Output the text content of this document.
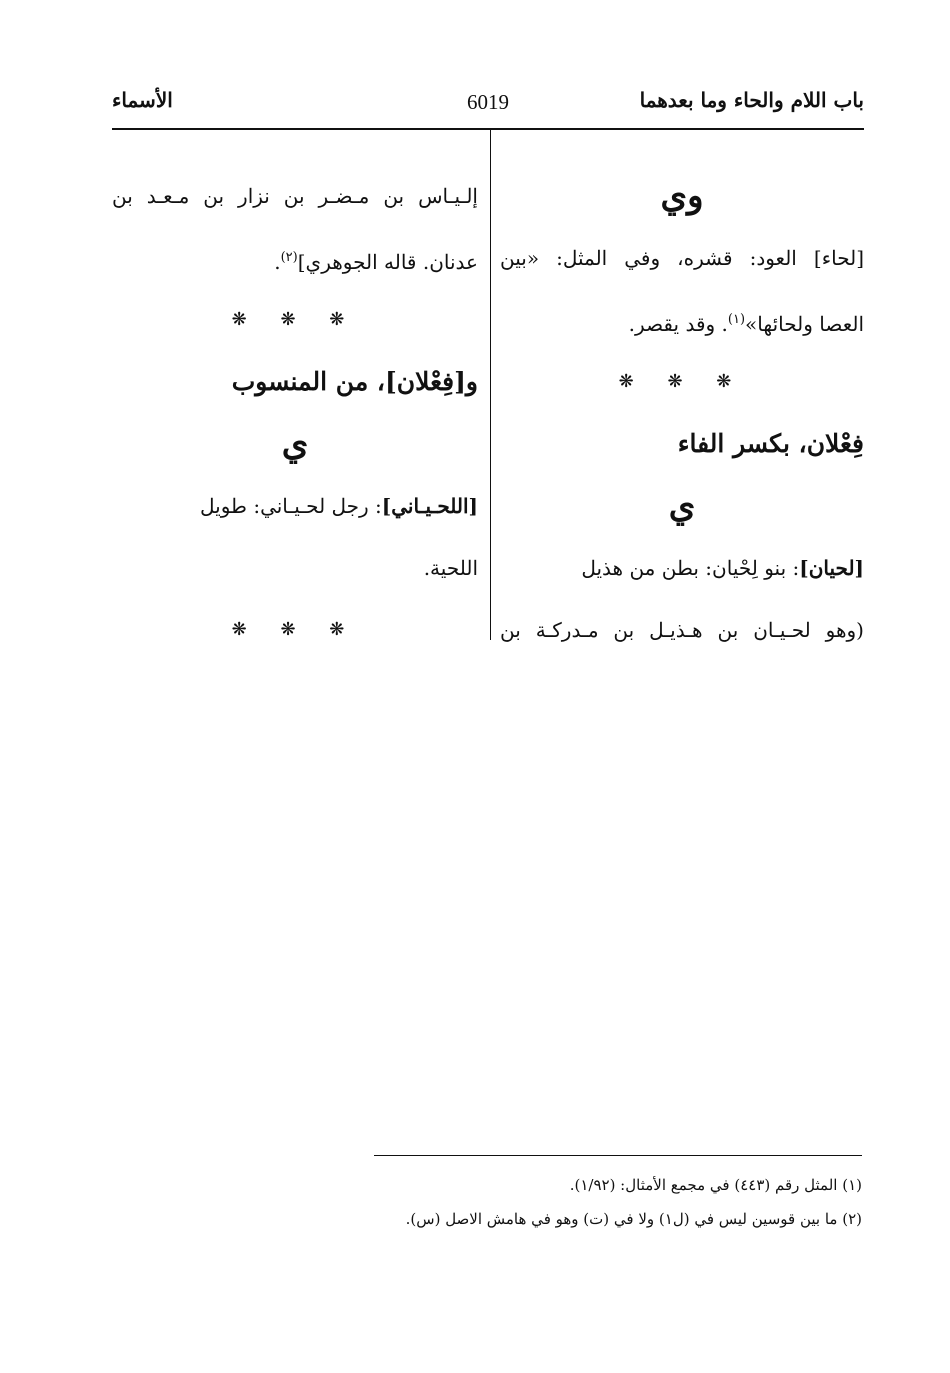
باب اللام والحاء وما بعدهما
6019
الأسماء
وي
[لحاء] العود: قشره، وفي المثل: «بين
العصا ولحائها»$^{(١)}$. وقد يقصر.
❋ ❋ ❋
فِعْلان، بكسر الفاء
ي
[لحيان]: بنو لِحْيان: بطن من هذيل
(وهو لحـيـان بن هـذيـل بن مـدركـة بن
إلـيـاس بن مـضـر بن نزار بن مـعـد بن
عدنان. قاله الجوهري]$^{(٢)}$.
❋ ❋ ❋
و[فِعْلان]، من المنسوب
ي
[اللحـيـاني]: رجل لحـيـاني: طويل
اللحية.
❋ ❋ ❋
(١) المثل رقم (٤٤٣) في مجمع الأمثال: (١/٩٢).
(٢) ما بين قوسين ليس في (ل١) ولا في (ت) وهو في هامش الاصل (س).
